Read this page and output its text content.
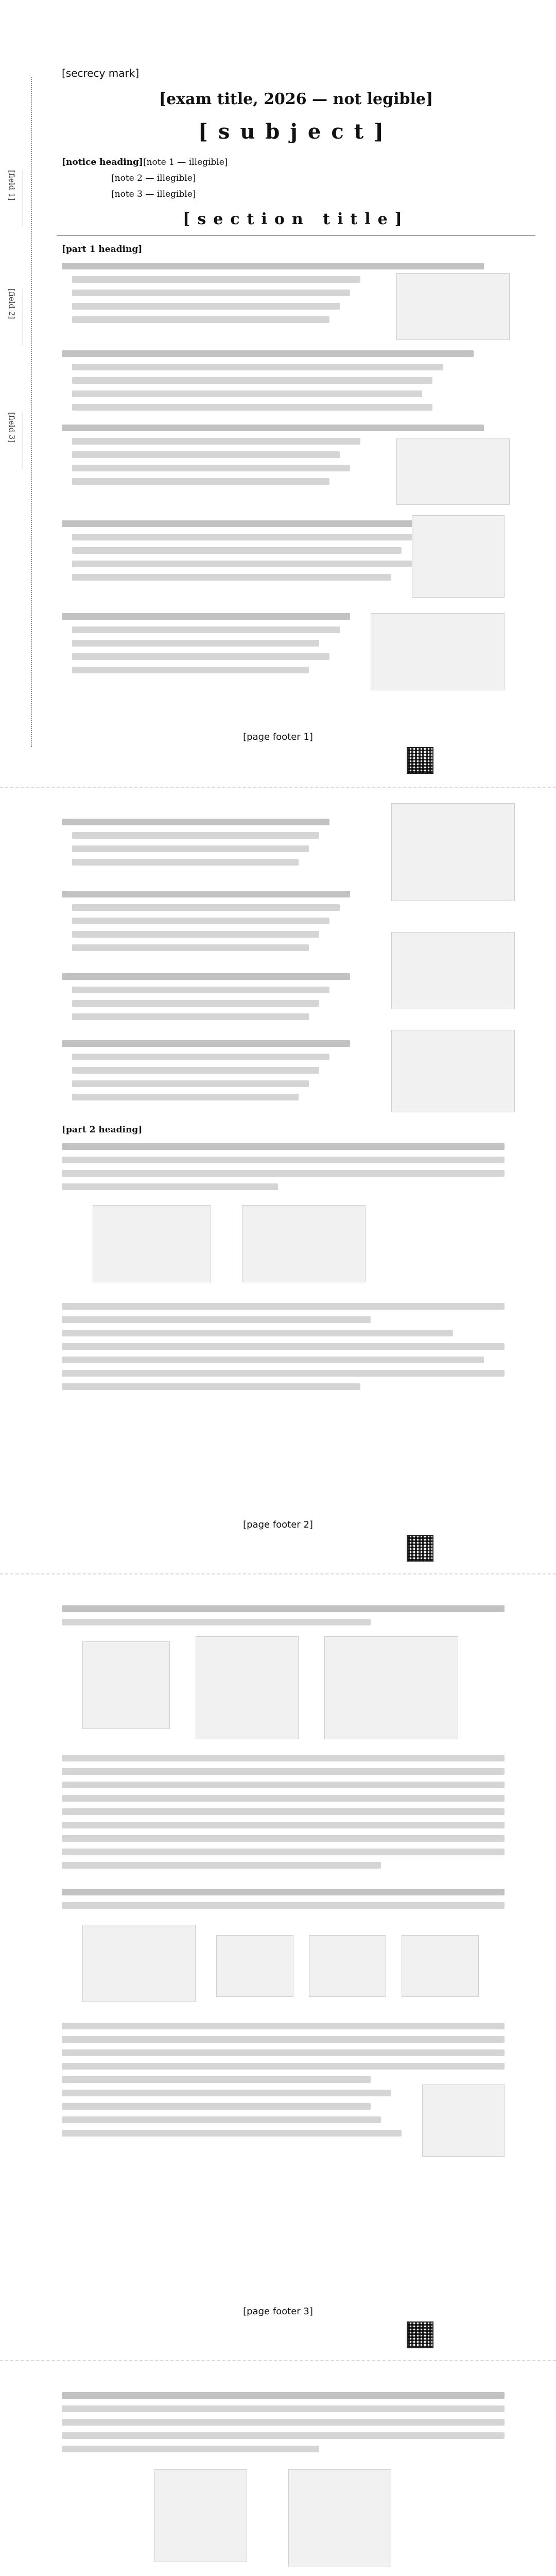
[field 1]
[field 2]
[field 3]
[secrecy mark]
[exam title, 2026 — not legible]
[subject]
[notice heading][note 1 — illegible]
[note 2 — illegible]
[note 3 — illegible]
[section title]
[part 1 heading]
[page footer 1]
[part 2 heading]
[page footer 2]
[page footer 3]
